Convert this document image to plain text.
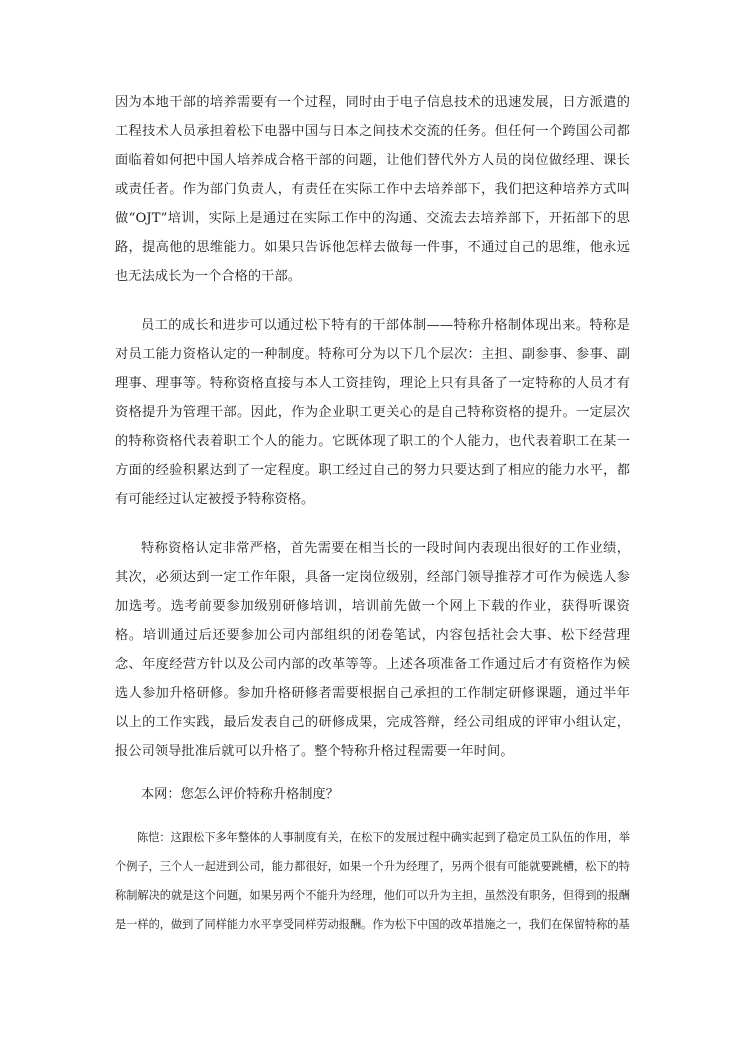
因为本地干部的培养需要有一个过程，同时由于电子信息技术的迅速发展，日方派遣的工程技术人员承担着松下电器中国与日本之间技术交流的任务。但任何一个跨国公司都面临着如何把中国人培养成合格干部的问题，让他们替代外方人员的岗位做经理、课长或责任者。作为部门负责人，有责任在实际工作中去培养部下，我们把这种培养方式叫做“OJT”培训，实际上是通过在实际工作中的沟通、交流去去培养部下，开拓部下的思路，提高他的思维能力。如果只告诉他怎样去做每一件事，不通过自己的思维，他永远也无法成长为一个合格的干部。

员工的成长和进步可以通过松下特有的干部体制——特称升格制体现出来。特称是对员工能力资格认定的一种制度。特称可分为以下几个层次：主担、副参事、参事、副理事、理事等。特称资格直接与本人工资挂钩，理论上只有具备了一定特称的人员才有资格提升为管理干部。因此，作为企业职工更关心的是自己特称资格的提升。一定层次的特称资格代表着职工个人的能力。它既体现了职工的个人能力，也代表着职工在某一方面的经验积累达到了一定程度。职工经过自己的努力只要达到了相应的能力水平，都有可能经过认定被授予特称资格。

特称资格认定非常严格，首先需要在相当长的一段时间内表现出很好的工作业绩，其次，必须达到一定工作年限，具备一定岗位级别，经部门领导推荐才可作为候选人参加选考。选考前要参加级别研修培训，培训前先做一个网上下载的作业，获得听课资格。培训通过后还要参加公司内部组织的闭卷笔试，内容包括社会大事、松下经营理念、年度经营方针以及公司内部的改革等等。上述各项准备工作通过后才有资格作为候选人参加升格研修。参加升格研修者需要根据自己承担的工作制定研修课题，通过半年以上的工作实践，最后发表自己的研修成果，完成答辩，经公司组成的评审小组认定，报公司领导批准后就可以升格了。整个特称升格过程需要一年时间。

本网：您怎么评价特称升格制度？

陈恺：这跟松下多年整体的人事制度有关，在松下的发展过程中确实起到了稳定员工队伍的作用，举个例子，三个人一起进到公司，能力都很好，如果一个升为经理了，另两个很有可能就要跳槽，松下的特称制解决的就是这个问题，如果另两个不能升为经理，他们可以升为主担，虽然没有职务，但得到的报酬是一样的，做到了同样能力水平享受同样劳动报酬。作为松下中国的改革措施之一，我们在保留特称的基
